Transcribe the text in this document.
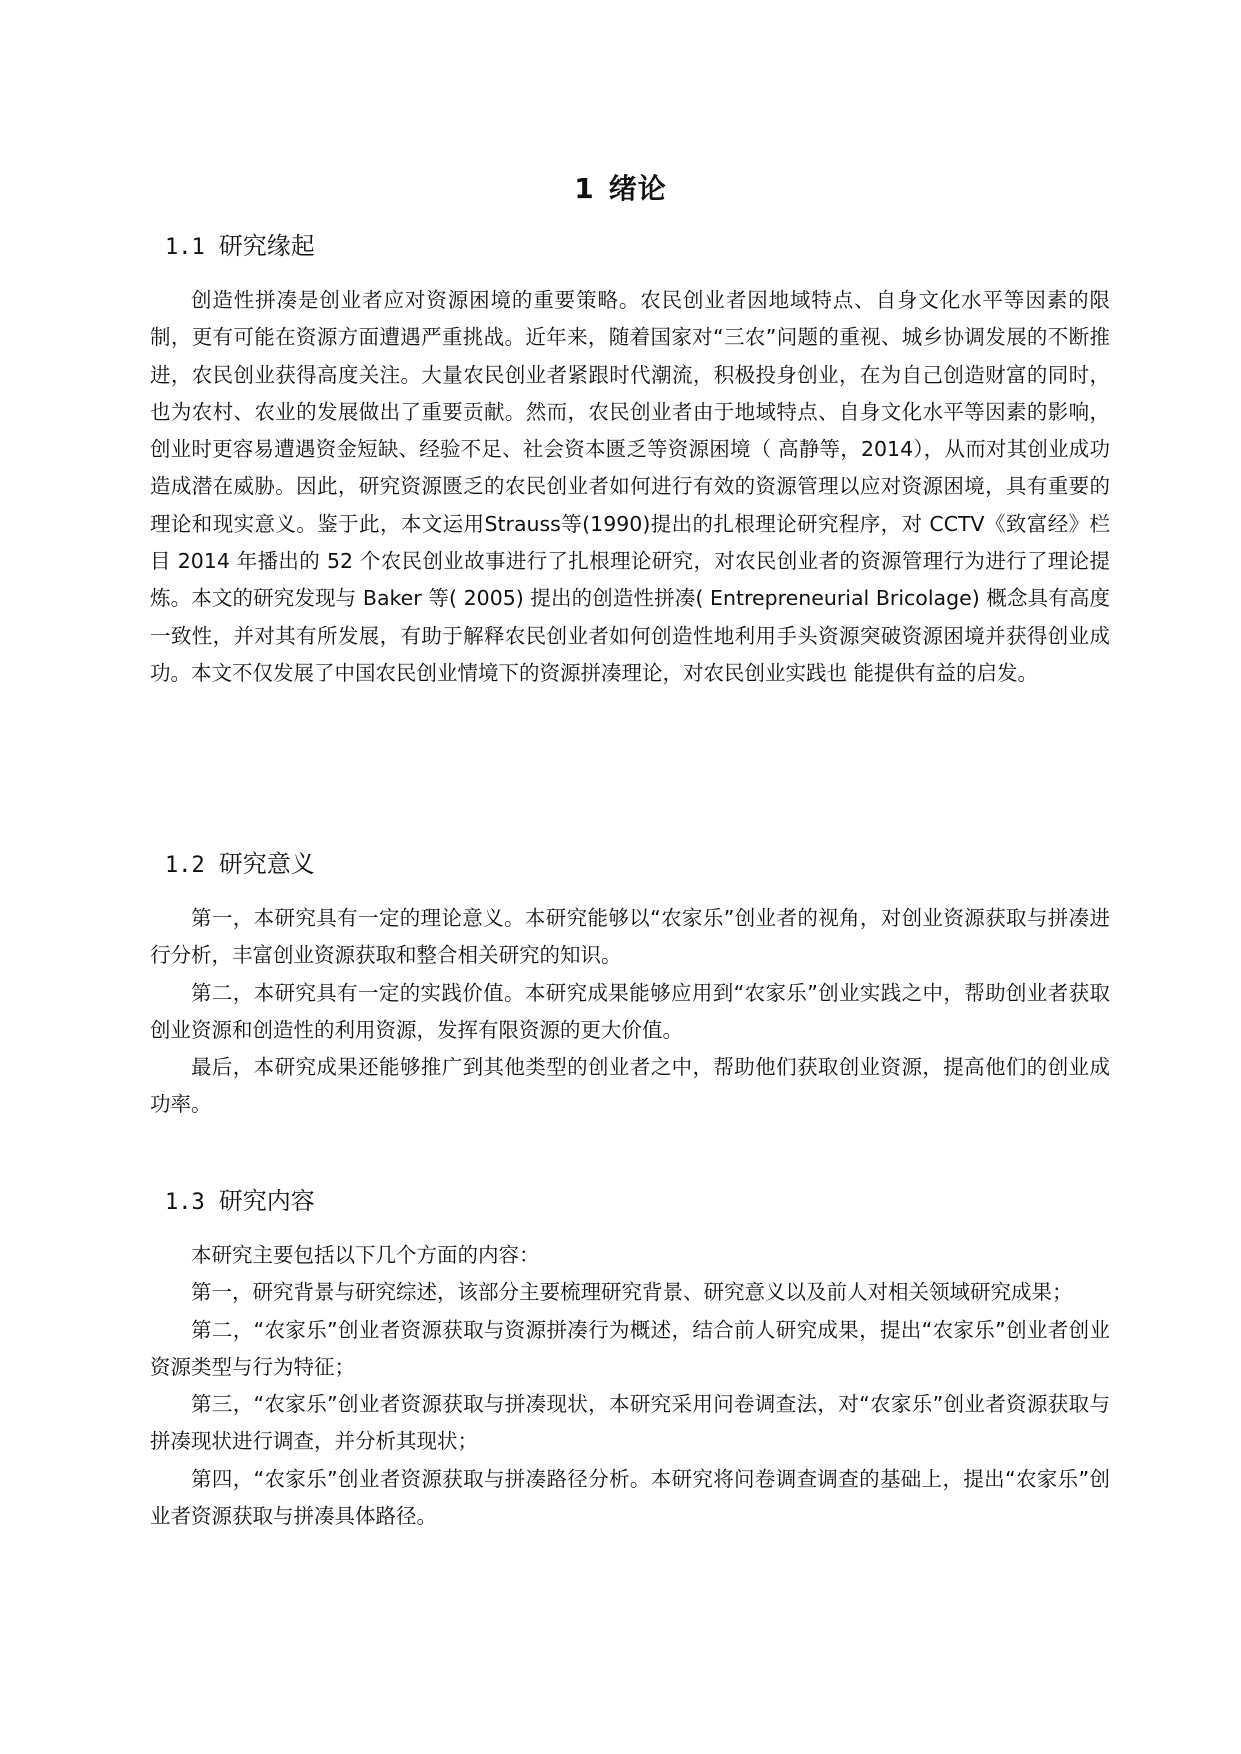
1 绪论
1.1 研究缘起

创造性拼凑是创业者应对资源困境的重要策略。农民创业者因地域特点、自身文化水平等因素的限制，更有可能在资源方面遭遇严重挑战。近年来，随着国家对“三农”问题的重视、城乡协调发展的不断推进，农民创业获得高度关注。大量农民创业者紧跟时代潮流，积极投身创业，在为自己创造财富的同时，也为农村、农业的发展做出了重要贡献。然而，农民创业者由于地域特点、自身文化水平等因素的影响，创业时更容易遭遇资金短缺、经验不足、社会资本匮乏等资源困境（ 高静等，2014），从而对其创业成功造成潜在威胁。因此，研究资源匮乏的农民创业者如何进行有效的资源管理以应对资源困境，具有重要的理论和现实意义。鉴于此，本文运用Strauss等(1990)提出的扎根理论研究程序，对 CCTV《致富经》栏目 2014 年播出的 52 个农民创业故事进行了扎根理论研究，对农民创业者的资源管理行为进行了理论提炼。本文的研究发现与 Baker 等( 2005) 提出的创造性拼凑( Entrepreneurial Bricolage) 概念具有高度一致性，并对其有所发展，有助于解释农民创业者如何创造性地利用手头资源突破资源困境并获得创业成功。本文不仅发展了中国农民创业情境下的资源拼凑理论，对农民创业实践也 能提供有益的启发。

1.2 研究意义

第一，本研究具有一定的理论意义。本研究能够以“农家乐”创业者的视角，对创业资源获取与拼凑进行分析，丰富创业资源获取和整合相关研究的知识。

第二，本研究具有一定的实践价值。本研究成果能够应用到“农家乐”创业实践之中，帮助创业者获取创业资源和创造性的利用资源，发挥有限资源的更大价值。

最后，本研究成果还能够推广到其他类型的创业者之中，帮助他们获取创业资源，提高他们的创业成功率。

1.3 研究内容

本研究主要包括以下几个方面的内容：

第一，研究背景与研究综述，该部分主要梳理研究背景、研究意义以及前人对相关领域研究成果；

第二，“农家乐”创业者资源获取与资源拼凑行为概述，结合前人研究成果，提出“农家乐”创业者创业资源类型与行为特征；

第三，“农家乐”创业者资源获取与拼凑现状，本研究采用问卷调查法，对“农家乐”创业者资源获取与拼凑现状进行调查，并分析其现状；

第四，“农家乐”创业者资源获取与拼凑路径分析。本研究将问卷调查调查的基础上，提出“农家乐”创业者资源获取与拼凑具体路径。
